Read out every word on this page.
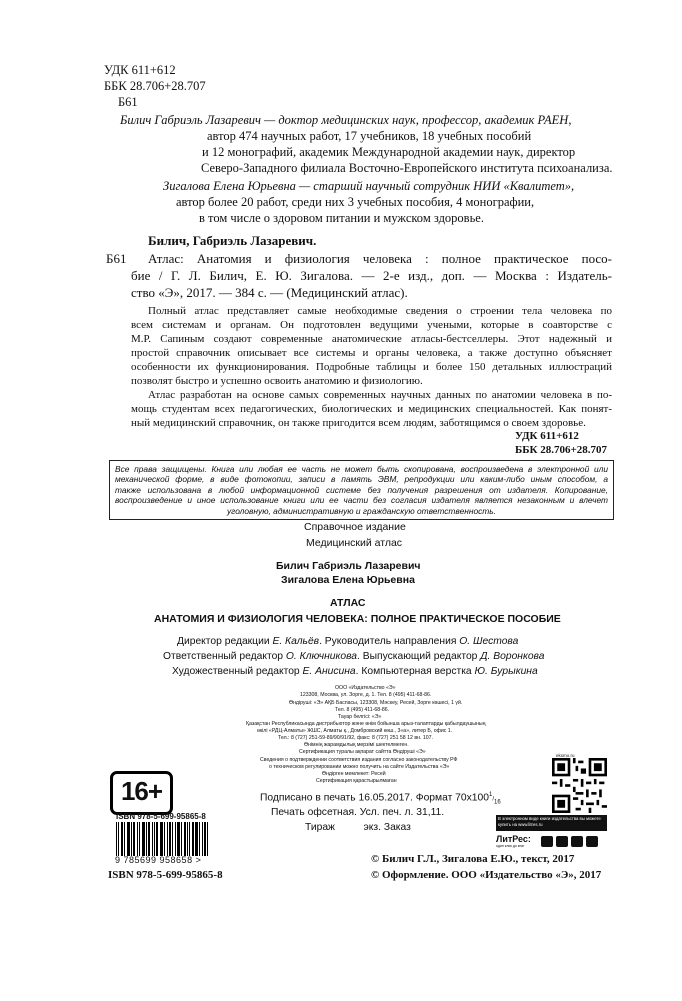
УДК 611+612
ББК 28.706+28.707
Б61
Билич Габриэль Лазаревич — доктор медицинских наук, профессор, академик РАЕН,
автор 474 научных работ, 17 учебников, 18 учебных пособий
и 12 монографий, академик Международной академии наук, директор
Северо-Западного филиала Восточно-Европейского института психоанализа.
Зигалова Елена Юрьевна — старший научный сотрудник НИИ «Квалитет»,
автор более 20 работ, среди них 3 учебных пособия, 4 монографии,
в том числе о здоровом питании и мужском здоровье.
Билич, Габриэль Лазаревич.
Б61 Атлас: Анатомия и физиология человека : полное практическое посо-
бие / Г. Л. Билич, Е. Ю. Зигалова. — 2-е изд., доп. — Москва : Издатель-
ство «Э», 2017. — 384 с. — (Медицинский атлас).
Полный атлас представляет самые необходимые сведения о строении тела человека по
всем системам и органам. Он подготовлен ведущими учеными, которые в соавторстве с
М.Р. Сапиным создают современные анатомические атласы-бестселлеры. Этот надежный и
простой справочник описывает все системы и органы человека, а также доступно объясняет
особенности их функционирования. Подробные таблицы и более 150 детальных иллюстраций
позволят быстро и успешно освоить анатомию и физиологию.
Атлас разработан на основе самых современных научных данных по анатомии человека в по-
мощь студентам всех педагогических, биологических и медицинских специальностей. Как понят-
ный медицинский справочник, он также пригодится всем людям, заботящимся о своем здоровье.
УДК 611+612
ББК 28.706+28.707
Все права защищены. Книга или любая ее часть не может быть скопирована, воспроизведена в электронной или
механической форме, в виде фотокопии, записи в память ЭВМ, репродукции или каким-либо иным способом, а
также использована в любой информационной системе без получения разрешения от издателя. Копирование,
воспроизведение и иное использование книги или ее части без согласия издателя является незаконным и влечет
уголовную, административную и гражданскую ответственность.
Справочное издание
Медицинский атлас
Билич Габриэль Лазаревич
Зигалова Елена Юрьевна
АТЛАС
АНАТОМИЯ И ФИЗИОЛОГИЯ ЧЕЛОВЕКА: ПОЛНОЕ ПРАКТИЧЕСКОЕ ПОСОБИЕ
Директор редакции Е. Кальёв. Руководитель направления О. Шестова
Ответственный редактор О. Ключникова. Выпускающий редактор Д. Воронкова
Художественный редактор Е. Анисина. Компьютерная верстка Ю. Бурыкина
ООО «Издательство «Э»
123308, Москва, ул. Зорге, д. 1. Тел. 8 (495) 411-68-86.
Өндіруші: «Э» АҚБ Баспасы, 123308, Мәскеу, Ресей, Зорге көшесі, 1 үй.
Тел. 8 (495) 411-68-86.
Тауар белгісі: «Э»
Қазақстан Республикасында дистрибьютор және өнім бойынша арыз-талаптарды қабылдаушының
өкілі «РДЦ-Алматы» ЖШС, Алматы қ., Домбровский көш., 3«а», литер Б, офис 1.
Тел.: 8 (727) 251-59-89/90/91/92, факс: 8 (727) 251 58 12 вн. 107.
Өнімнің жарамдылық мерзімі шектелмеген.
Сертификация туралы ақпарат сайтта Өндіруші «Э»
Сведения о подтверждении соответствия издания согласно законодательству РФ
о техническом регулировании можно получить на сайте Издательства «Э»
Өндірген мемлекет: Ресей
Сертификация қарастырылмаған
Подписано в печать 16.05.2017. Формат $70x100^1/_{16}$
Печать офсетная. Усл. печ. л. 31,11.
Тираж          экз. Заказ
16+
ISBN 978-5-699-95865-8
9 785699 958658 >
ISBN 978-5-699-95865-8
© Билич Г.Л., Зигалова Е.Ю., текст, 2017
© Оформление. ООО «Издательство «Э», 2017
eksmo.ru
В электронном виде книги издательства вы можете купить на www.litres.ru
ЛитРес:
один клик до книг
